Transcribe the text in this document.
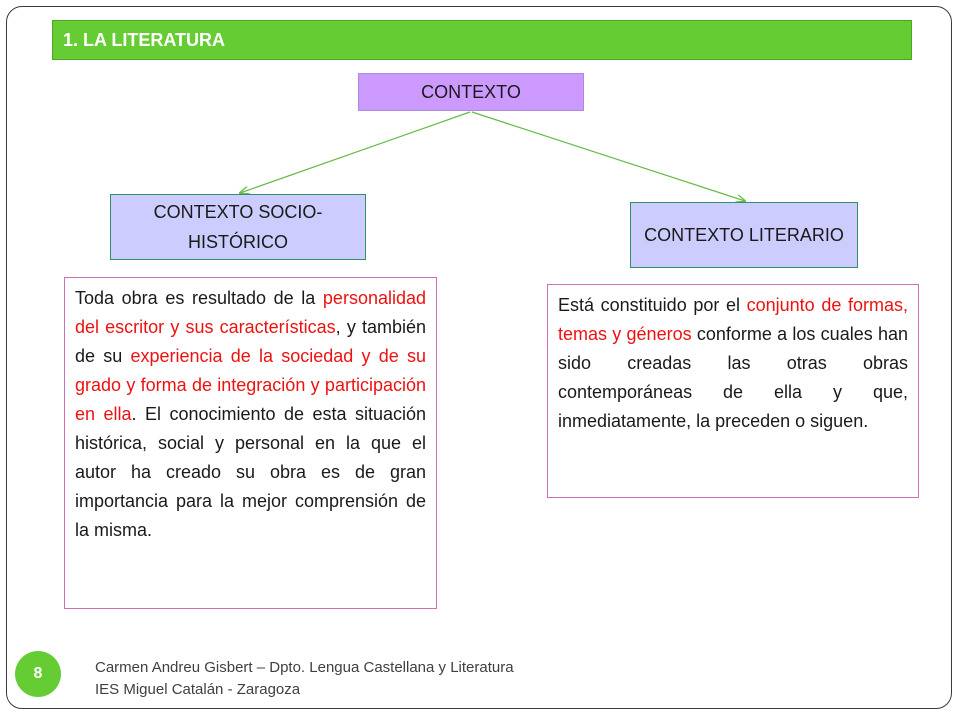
1. LA LITERATURA
CONTEXTO
CONTEXTO SOCIO-HISTÓRICO	CONTEXTO LITERARIO
Toda obra es resultado de la personalidad del escritor y sus características, y también de su experiencia de la sociedad y de su grado y forma de integración y participación en ella. El conocimiento de esta situación histórica, social y personal en la que el autor ha creado su obra es de gran importancia para la mejor comprensión de la misma.
Está constituido por el conjunto de formas, temas y géneros conforme a los cuales han sido creadas las otras obras contemporáneas de ella y que, inmediatamente, la preceden o siguen.
8	Carmen Andreu Gisbert – Dpto. Lengua Castellana y Literatura
IES Miguel Catalán - Zaragoza
